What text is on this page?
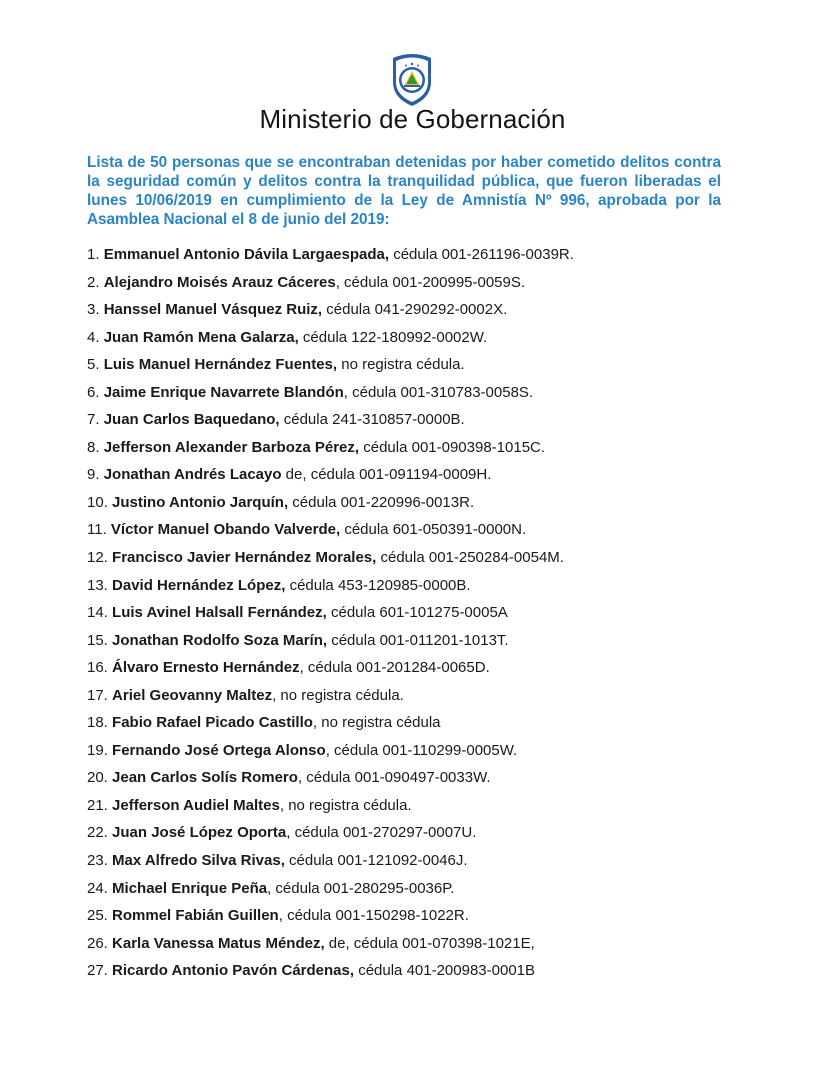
Ministerio de Gobernación

Lista de 50 personas que se encontraban detenidas por haber cometido delitos contra la seguridad común y delitos contra la tranquilidad pública, que fueron liberadas el lunes 10/06/2019 en cumplimiento de la Ley de Amnistía Nº 996, aprobada por la Asamblea Nacional el 8 de junio del 2019:

1. Emmanuel Antonio Dávila Largaespada, cédula 001-261196-0039R.
2. Alejandro Moisés Arauz Cáceres, cédula 001-200995-0059S.
3. Hanssel Manuel Vásquez Ruiz, cédula 041-290292-0002X.
4. Juan Ramón Mena Galarza, cédula 122-180992-0002W.
5. Luis Manuel Hernández Fuentes, no registra cédula.
6. Jaime Enrique Navarrete Blandón, cédula 001-310783-0058S.
7. Juan Carlos Baquedano, cédula 241-310857-0000B.
8. Jefferson Alexander Barboza Pérez, cédula 001-090398-1015C.
9. Jonathan Andrés Lacayo de, cédula 001-091194-0009H.
10. Justino Antonio Jarquín, cédula 001-220996-0013R.
11. Víctor Manuel Obando Valverde, cédula 601-050391-0000N.
12. Francisco Javier Hernández Morales, cédula 001-250284-0054M.
13. David Hernández López, cédula 453-120985-0000B.
14. Luis Avinel Halsall Fernández, cédula 601-101275-0005A
15. Jonathan Rodolfo Soza Marín, cédula 001-011201-1013T.
16. Álvaro Ernesto Hernández, cédula 001-201284-0065D.
17. Ariel Geovanny Maltez, no registra cédula.
18. Fabio Rafael Picado Castillo, no registra cédula
19. Fernando José Ortega Alonso, cédula 001-110299-0005W.
20. Jean Carlos Solís Romero, cédula 001-090497-0033W.
21. Jefferson Audiel Maltes, no registra cédula.
22. Juan José López Oporta, cédula 001-270297-0007U.
23. Max Alfredo Silva Rivas, cédula 001-121092-0046J.
24. Michael Enrique Peña, cédula 001-280295-0036P.
25. Rommel Fabián Guillen, cédula 001-150298-1022R.
26. Karla Vanessa Matus Méndez, de, cédula 001-070398-1021E,
27. Ricardo Antonio Pavón Cárdenas, cédula 401-200983-0001B
